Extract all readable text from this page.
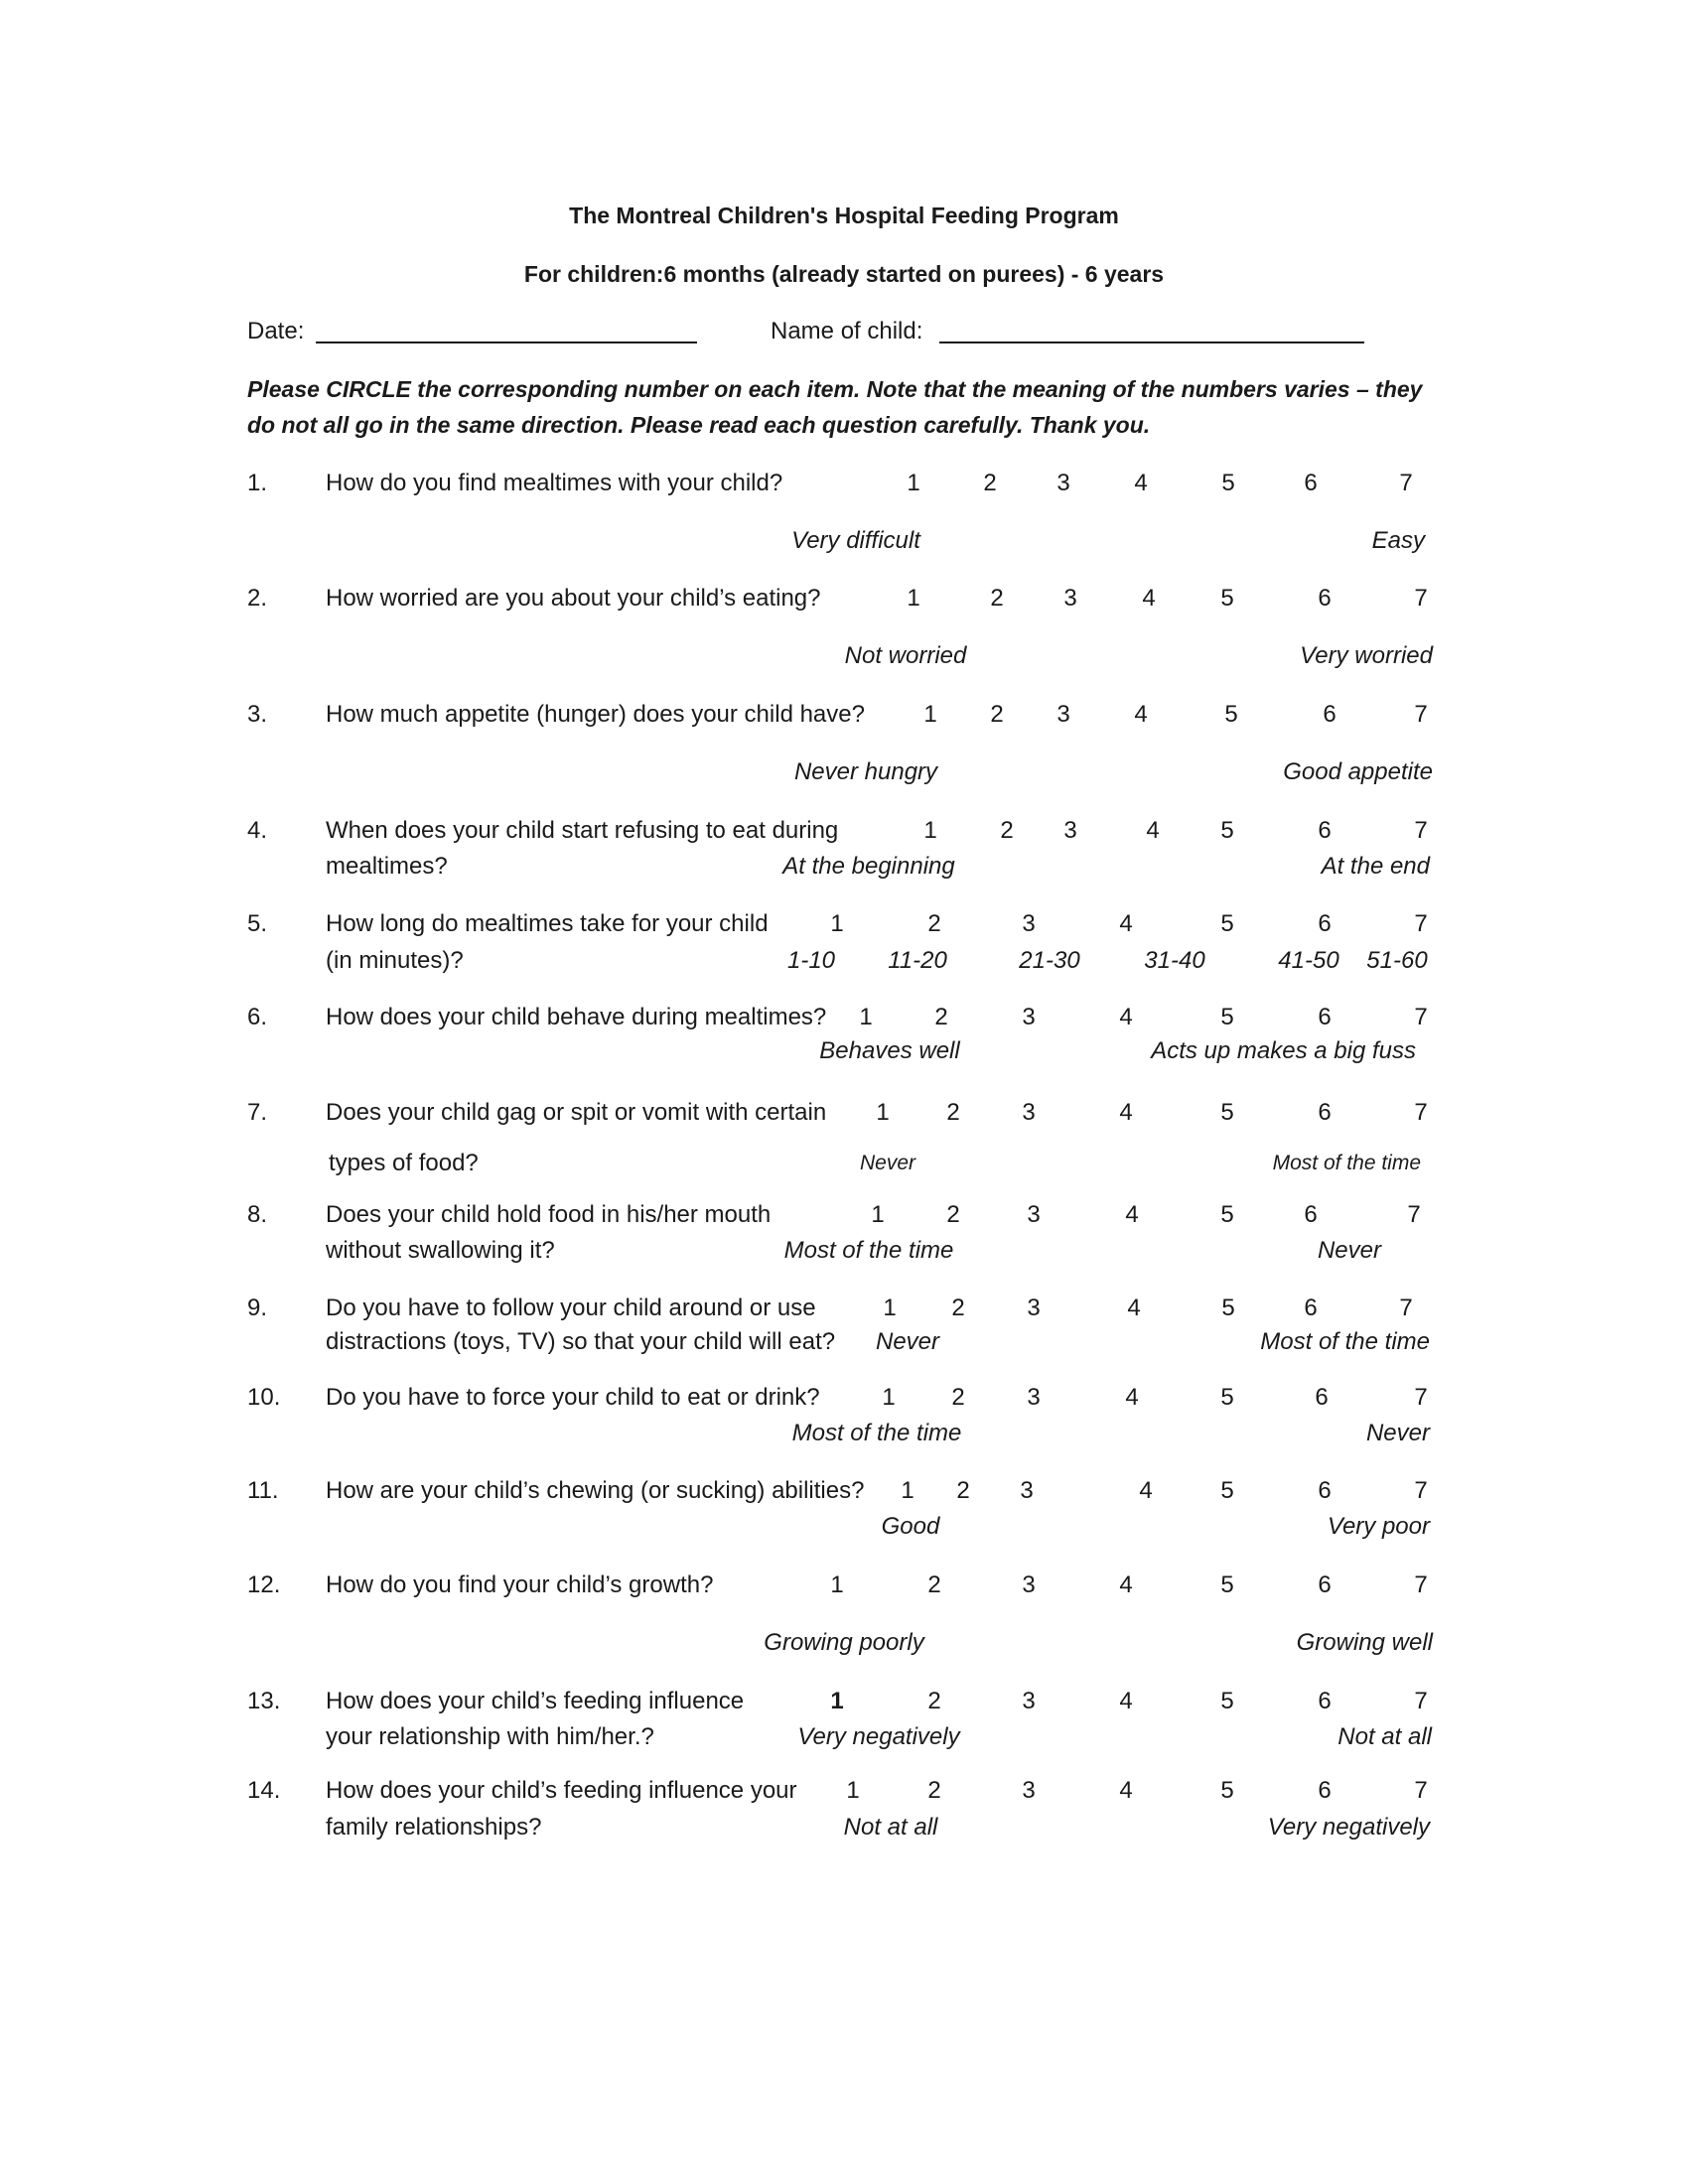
The Montreal Children's Hospital Feeding Program
For children:6 months (already started on purees) - 6 years
Date:	Name of child:
Please CIRCLE the corresponding number on each item. Note that the meaning of the numbers varies – they do not all go in the same direction. Please read each question carefully. Thank you.
1. How do you find mealtimes with your child?	1	2	3	4	5	6	7
Very difficult	Easy
2. How worried are you about your child’s eating?	1	2	3	4	5	6	7
Not worried	Very worried
3. How much appetite (hunger) does your child have? 1 2 3	4	5	6	7
Never hungry	Good appetite
4. When does your child start refusing to eat during
mealtimes?
1	2 3	4	5	6	7
At the beginning	At the end
5. How long do mealtimes take for your child
(in minutes)?
1	2	3	4	5	6	7
1-10 11-20	21-30	31-40	41-50 51-60
6. How does your child behave during mealtimes? 1	2	3	4	5	6	7
Behaves well	Acts up makes a big fuss
7. Does your child gag or spit or vomit with certain
types of food?
1 2	3	4	5	6	7
Never	Most of the time
8. Does your child hold food in his/her mouth
without swallowing it?
1	2	3	4	5	6	7
Most of the time	Never
9. Do you have to follow your child around or use
distractions (toys, TV) so that your child will eat?
1 2	3	4	5	6	7
Never	Most of the time
10. Do you have to force your child to eat or drink?	1 2	3	4	5	6	7
Most of the time	Never
11. How are your child’s chewing (or sucking) abilities? 1 2 3	4	5	6	7
Good	Very poor
12. How do you find your child’s growth?	1	2	3	4	5	6	7
Growing poorly	Growing well
13. How does your child’s feeding influence
your relationship with him/her.?
1	2	3	4	5	6	7
Very negatively	Not at all
14. How does your child’s feeding influence your
family relationships?
1	2	3	4	5	6	7
Not at all	Very negatively
